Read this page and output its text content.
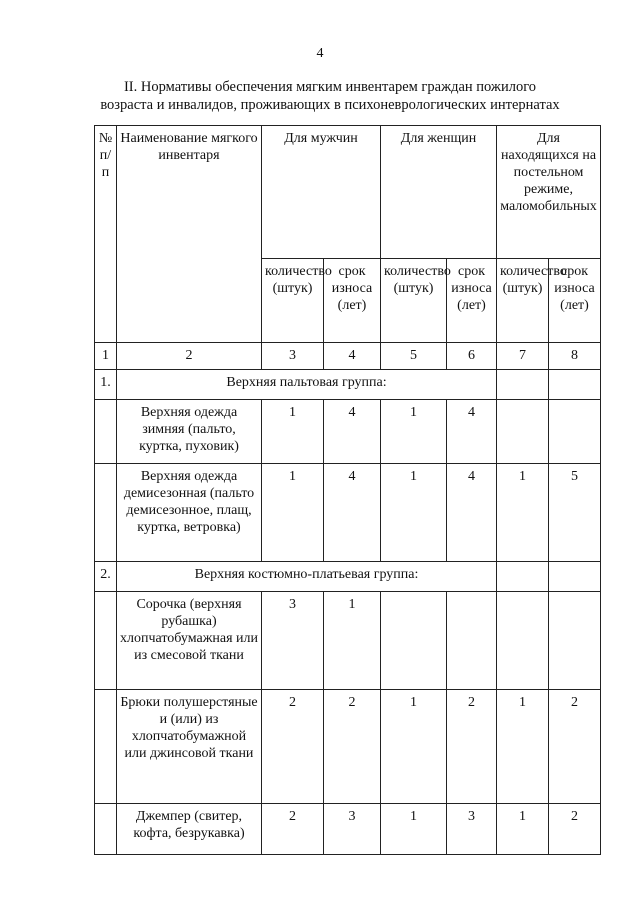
4
II. Нормативы обеспечения мягким инвентарем граждан пожилого
возраста и инвалидов, проживающих в психоневрологических интернатах
№ п/п	Наименование мягкого инвентаря	Для мужчин		Для женщин		Для находящихся на постельном режиме, маломобильных	
		количество (штук)	срок износа (лет)	количество (штук)	срок износа (лет)	количество (штук)	срок износа (лет)
1	2	3	4	5	6	7	8
1.	Верхняя пальтовая группа:						
	Верхняя одежда зимняя (пальто, куртка, пуховик)	1	4	1	4		
	Верхняя одежда демисезонная (пальто демисезонное, плащ, куртка, ветровка)	1	4	1	4	1	5
2.	Верхняя костюмно-платьевая группа:						
	Сорочка (верхняя рубашка) хлопчатобумажная или из смесовой ткани	3	1				
	Брюки полушерстяные и (или) из хлопчатобумажной или джинсовой ткани	2	2	1	2	1	2
	Джемпер (свитер, кофта, безрукавка)	2	3	1	3	1	2
